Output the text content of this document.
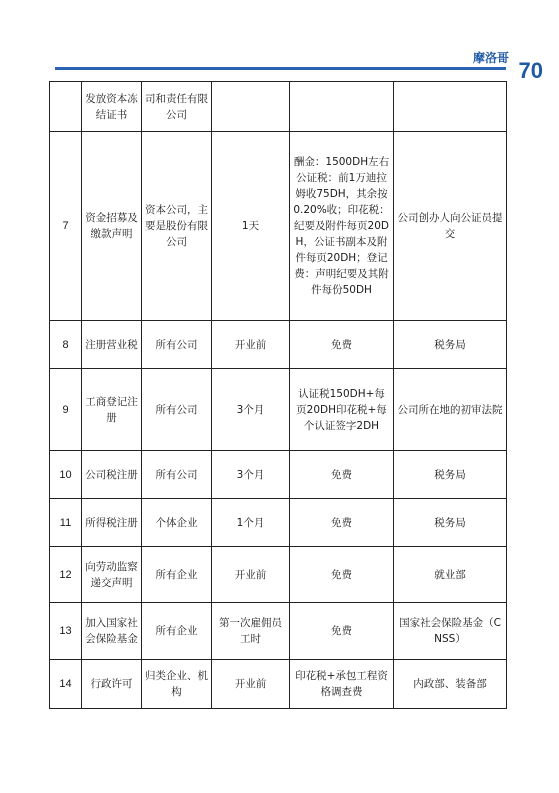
摩洛哥 70
	发放资本冻结证书	司和责任有限公司			
7	资金招募及缴款声明	资本公司，主要是股份有限公司	1天	酬金：1500DH左右公证税：前1万迪拉姆收75DH，其余按0.20%收；印花税：纪要及附件每页20DH，公证书副本及附件每页20DH；登记费：声明纪要及其附件每份50DH	公司创办人向公证员提交
8	注册营业税	所有公司	开业前	免费	税务局
9	工商登记注册	所有公司	3个月	认证税150DH+每页20DH印花税+每个认证签字2DH	公司所在地的初审法院
10	公司税注册	所有公司	3个月	免费	税务局
11	所得税注册	个体企业	1个月	免费	税务局
12	向劳动监察递交声明	所有企业	开业前	免费	就业部
13	加入国家社会保险基金	所有企业	第一次雇佣员工时	免费	国家社会保险基金（CNSS）
14	行政许可	归类企业、机构	开业前	印花税+承包工程资格调查费	内政部、装备部
